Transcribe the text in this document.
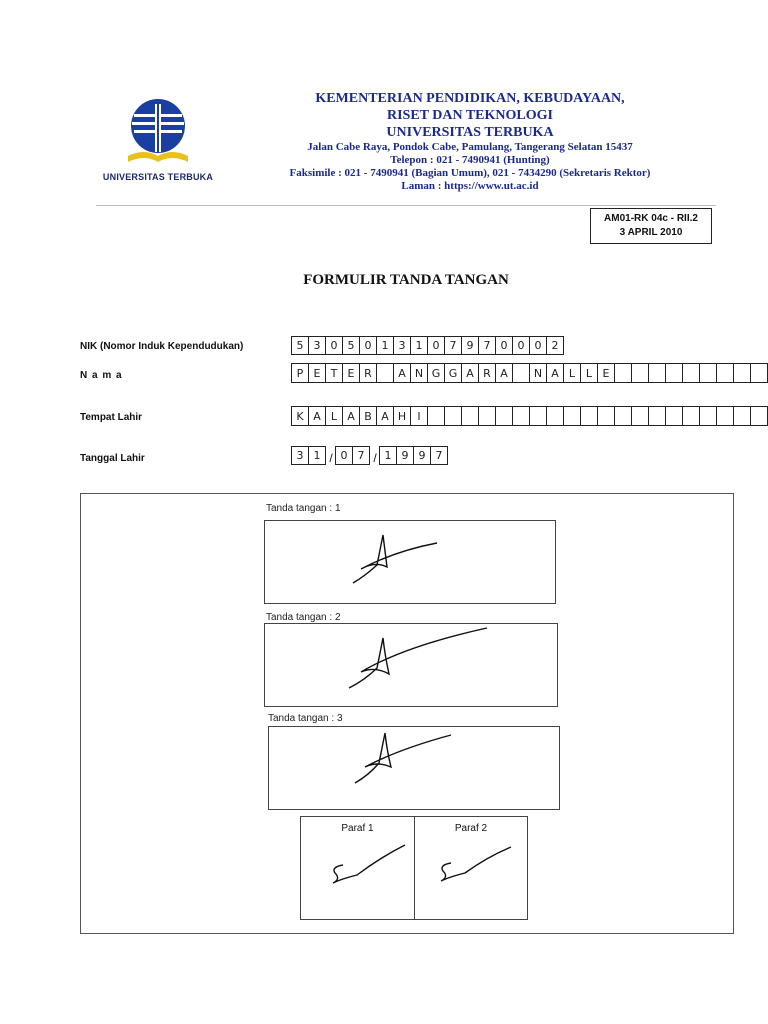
UNIVERSITAS TERBUKA
KEMENTERIAN PENDIDIKAN, KEBUDAYAAN,
RISET DAN TEKNOLOGI
UNIVERSITAS TERBUKA
Jalan Cabe Raya, Pondok Cabe, Pamulang, Tangerang Selatan 15437
Telepon : 021 - 7490941 (Hunting)
Faksimile : 021 - 7490941 (Bagian Umum), 021 - 7434290 (Sekretaris Rektor)
Laman : https://www.ut.ac.id
AM01-RK 04c - RII.2
3 APRIL 2010
FORMULIR TANDA TANGAN
NIK (Nomor Induk Kependudukan)	5 3 0 5 0 1 3 1 0 7 9 7 0 0 0 2
N a m a	P E T E R	A N G G A R A	N A L L E
Tempat Lahir	K A L A B A H	I
Tanggal Lahir	3 1 / 0 7 / 1 9 9 7
Tanda tangan : 1
Tanda tangan : 2
Tanda tangan : 3
Paraf 1	Paraf 2
